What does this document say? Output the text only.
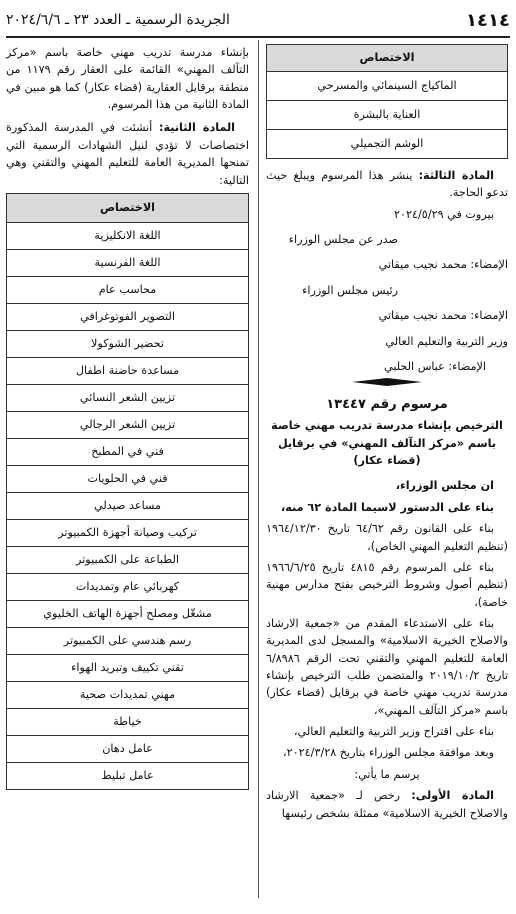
١٤١٤
الجريدة الرسمية ـ العدد ٢٣ ـ ٢٠٢٤/٦/٦
الاختصاص
الماكياج السينمائي والمسرحي
العناية بالبشرة
الوشم التجميلي

المادة الثالثة: ينشر هذا المرسوم ويبلغ حيث تدعو الحاجة.

بيروت في ٢٠٢٤/٥/٢٩

صدر عن مجلس الوزراء

الإمضاء: محمد نجيب ميقاتي

رئيس مجلس الوزراء

الإمضاء: محمد نجيب ميقاتي

وزير التربية والتعليم العالي

الإمضاء: عباس الحلبي

مرسوم رقم ١٣٤٤٧

الترخيص بإنشاء مدرسة تدريب مهني خاصة باسم «مركز التآلف المهني» في برقايل (قضاء عكار)

ان مجلس الوزراء،

بناء على الدستور لاسيما المادة ٦٢ منه،

بناء على القانون رقم ٦٤/٦٢ تاريخ ١٩٦٤/١٢/٣٠ (تنظيم التعليم المهني الخاص)،

بناء على المرسوم رقم ٤٨١٥ تاريخ ١٩٦٦/٦/٢٥ (تنظيم أصول وشروط الترخيص بفتح مدارس مهنية خاصة)،

بناء على الاستدعاء المقدم من «جمعية الارشاد والاصلاح الخيرية الاسلامية» والمسجل لدى المديرية العامة للتعليم المهني والتقني تحت الرقم ٦/٨٩٨٦ تاريخ ٢٠١٩/١٠/٢ والمتضمن طلب الترخيص بإنشاء مدرسة تدريب مهني خاصة في برقايل (قضاء عكار) باسم «مركز التآلف المهني»،

بناء على اقتراح وزير التربية والتعليم العالي،

وبعد موافقة مجلس الوزراء بتاريخ ٢٠٢٤/٣/٢٨،

يرسم ما يأتي:

المادة الأولى: رخص لـ «جمعية الارشاد والاصلاح الخيرية الاسلامية» ممثلة بشخص رئيسها

بإنشاء مدرسة تدريب مهني خاصة باسم «مركز التآلف المهني» القائمة على العقار رقم ١١٧٩ من منطقة برقايل العقارية (قضاء عكار) كما هو مبين في المادة الثانية من هذا المرسوم.

المادة الثانية: أنشئت في المدرسة المذكورة اختصاصات لا تؤدي لنيل الشهادات الرسمية التي تمنحها المديرية العامة للتعليم المهني والتقني وهي التالية:

الاختصاص
اللغة الانكليزية
اللغة الفرنسية
محاسب عام
التصوير الفوتوغرافي
تحضير الشوكولا
مساعدة حاضنة اطفال
تزيين الشعر النسائي
تزيين الشعر الرجالي
فني في المطبخ
فني في الحلويات
مساعد صيدلي
تركيب وصيانة أجهزة الكمبيوتر
الطباعة على الكمبيوتر
كهربائي عام وتمديدات
مشغّل ومصلح أجهزة الهاتف الخليوي
رسم هندسي على الكمبيوتر
تقني تكييف وتبريد الهواء
مهني تمديدات صحية
خياطة
عامل دهان
عامل تبليط
